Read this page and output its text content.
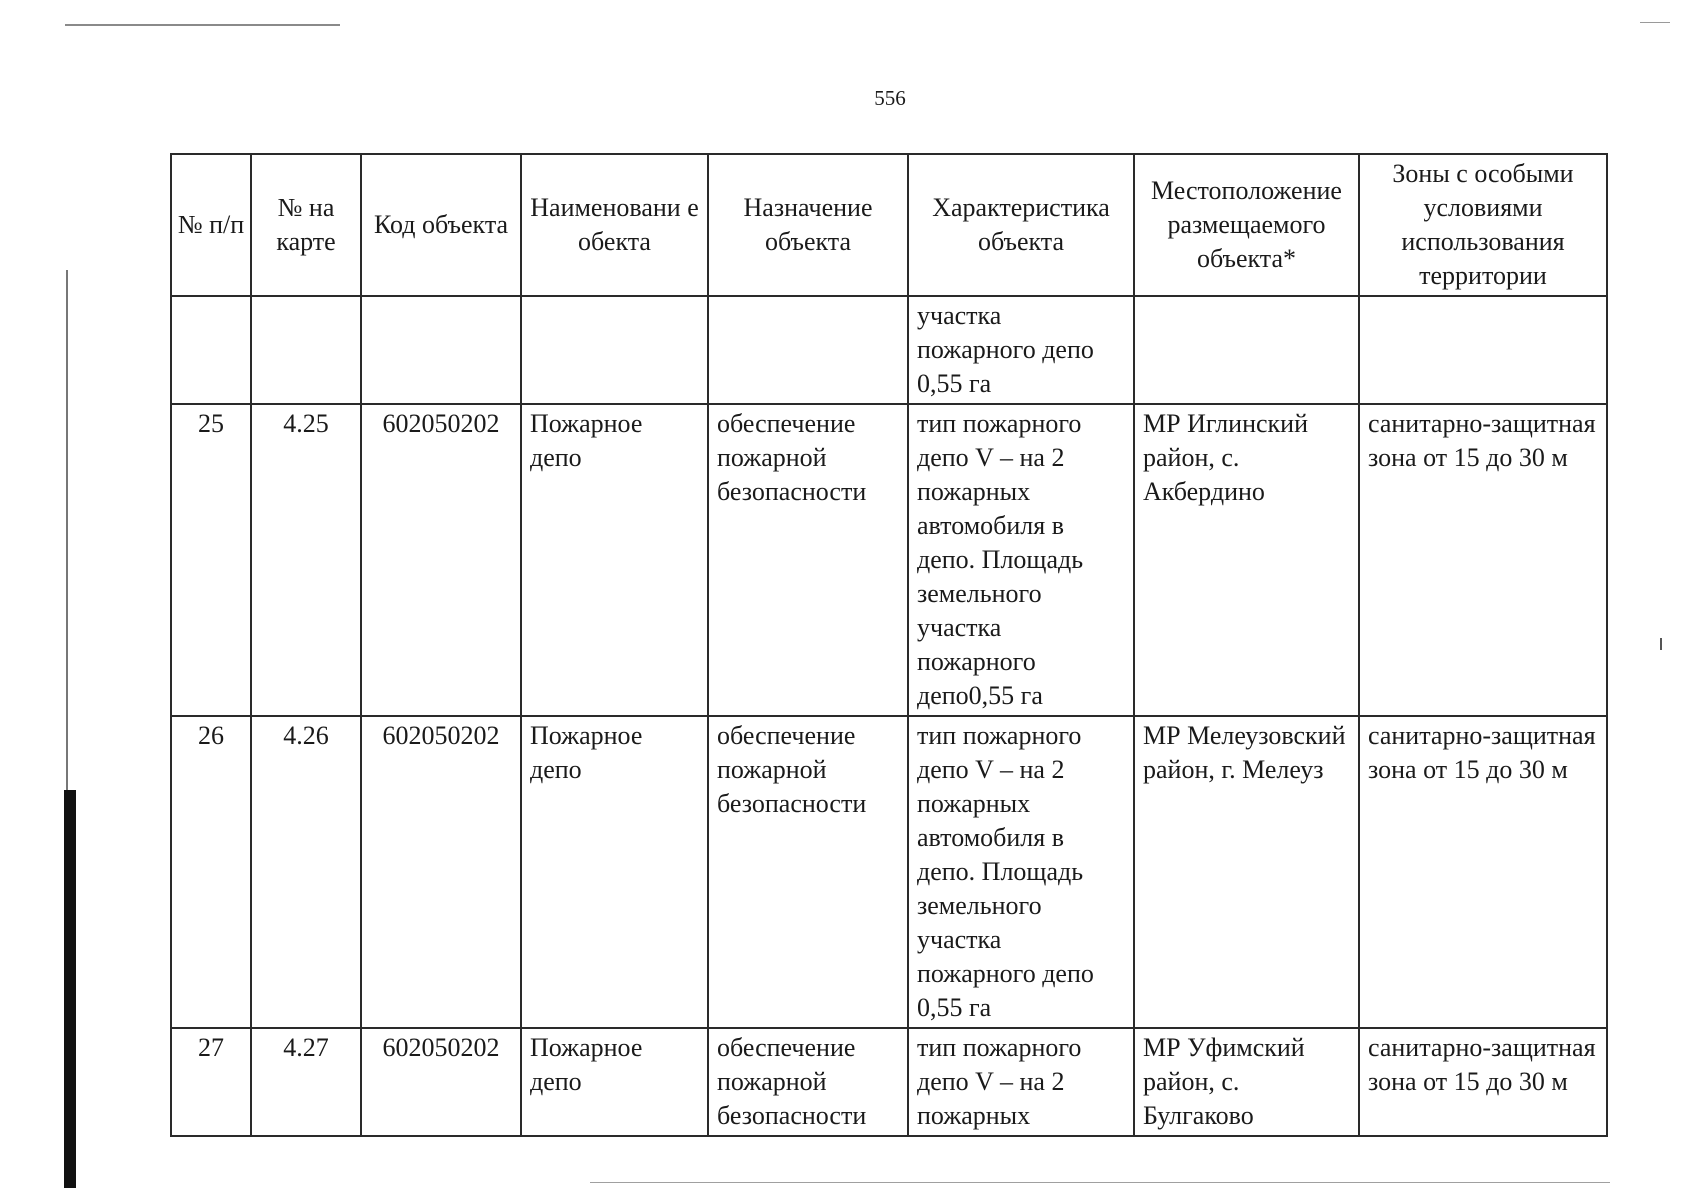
556
№ п/п	№ на карте	Код объекта	Наименовани е обекта	Назначение объекта	Характеристика объекта	Местоположение размещаемого объекта*	Зоны с особыми условиями использования территории
					участка пожарного депо 0,55 га		
25	4.25	602050202	Пожарное депо	обеспечение пожарной безопасности	тип пожарного депо V – на 2 пожарных автомобиля в депо. Площадь земельного участка пожарного депо0,55 га	МР Иглинский район, с. Акбердино	санитарно-защитная зона от 15 до 30 м
26	4.26	602050202	Пожарное депо	обеспечение пожарной безопасности	тип пожарного депо V – на 2 пожарных автомобиля в депо. Площадь земельного участка пожарного депо 0,55 га	МР Мелеузовский район, г. Мелеуз	санитарно-защитная зона от 15 до 30 м
27	4.27	602050202	Пожарное депо	обеспечение пожарной безопасности	тип пожарного депо V – на 2 пожарных	МР Уфимский район, с. Булгаково	санитарно-защитная зона от 15 до 30 м
